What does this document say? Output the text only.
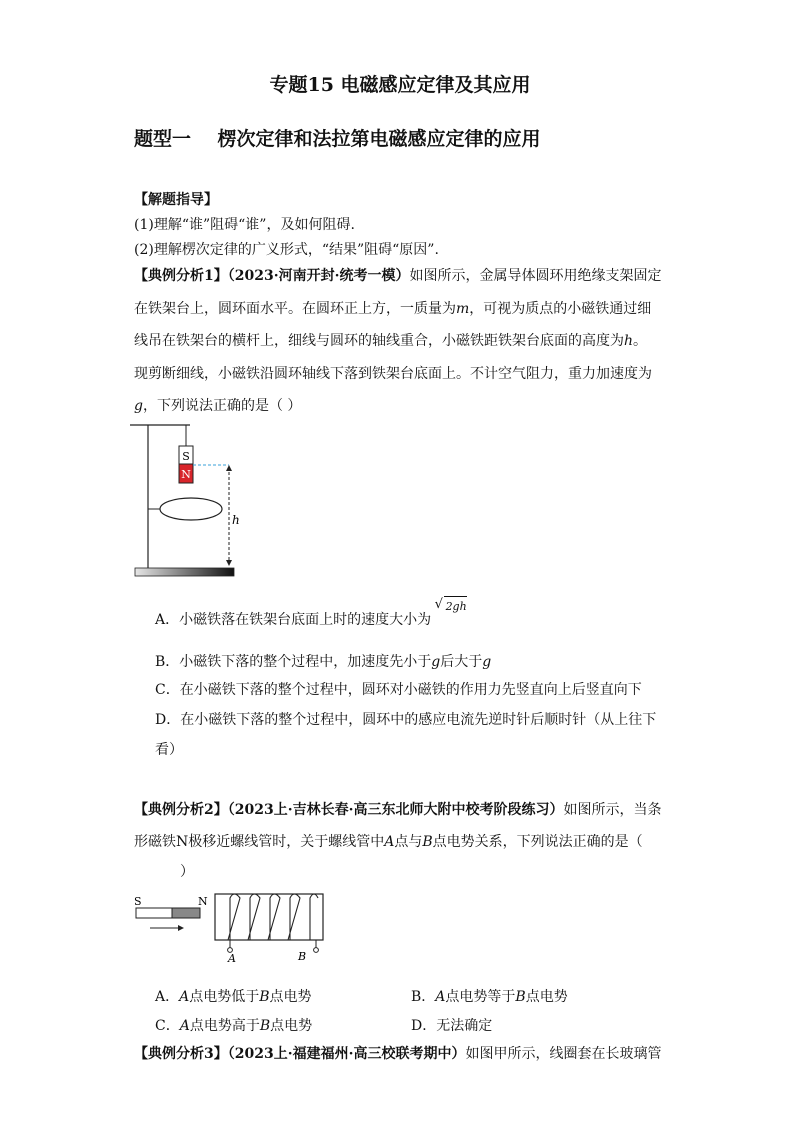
专题15 电磁感应定律及其应用
题型一    楞次定律和法拉第电磁感应定律的应用
【解题指导】
(1)理解“谁”阻碍“谁”，及如何阻碍.
(2)理解楞次定律的广义形式，“结果”阻碍“原因”.
【典例分析1】（2023·河南开封·统考一模）如图所示，金属导体圆环用绝缘支架固定
在铁架台上，圆环面水平。在圆环正上方，一质量为m，可视为质点的小磁铁通过细
线吊在铁架台的横杆上，细线与圆环的轴线重合，小磁铁距铁架台底面的高度为h。
现剪断细线，小磁铁沿圆环轴线下落到铁架台底面上。不计空气阻力，重力加速度为
g，下列说法正确的是（ ）
S
N
h
A．小磁铁落在铁架台底面上时的速度大小为
√ 2gh
B．小磁铁下落的整个过程中，加速度先小于g后大于g
C．在小磁铁下落的整个过程中，圆环对小磁铁的作用力先竖直向上后竖直向下
D．在小磁铁下落的整个过程中，圆环中的感应电流先逆时针后顺时针（从上往下
看）
【典例分析2】（2023上·吉林长春·高三东北师大附中校考阶段练习）如图所示，当条
形磁铁N极移近螺线管时，关于螺线管中A点与B点电势关系，下列说法正确的是（
）
S	N
A	B
A．A点电势低于B点电势	B．A点电势等于B点电势
C．A点电势高于B点电势	D．无法确定
【典例分析3】（2023上·福建福州·高三校联考期中）如图甲所示，线圈套在长玻璃管
